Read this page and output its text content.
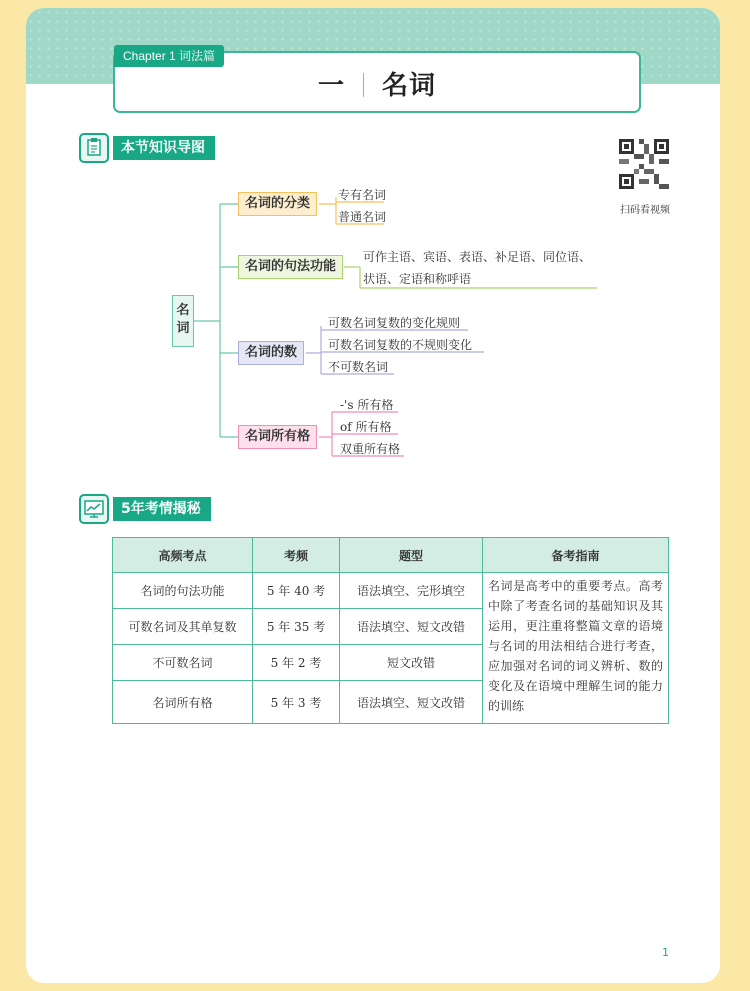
Chapter 1 词法篇
一 名词
本节知识导图
扫码看视频
名词
名词的分类
专有名词
普通名词
名词的句法功能
可作主语、宾语、表语、补足语、同位语、
状语、定语和称呼语
名词的数
可数名词复数的变化规则
可数名词复数的不规则变化
不可数名词
名词所有格
-'s 所有格
of 所有格
双重所有格
5年考情揭秘
高频考点	考频	题型	备考指南
名词的句法功能	5 年 40 考	语法填空、完形填空	名词是高考中的重要考点。高考中除了考查名词的基础知识及其运用，更注重将整篇文章的语境与名词的用法相结合进行考查，应加强对名词的词义辨析、数的变化及在语境中理解生词的能力的训练
可数名词及其单复数	5 年 35 考	语法填空、短文改错	
不可数名词	5 年 2 考	短文改错	
名词所有格	5 年 3 考	语法填空、短文改错	
1
